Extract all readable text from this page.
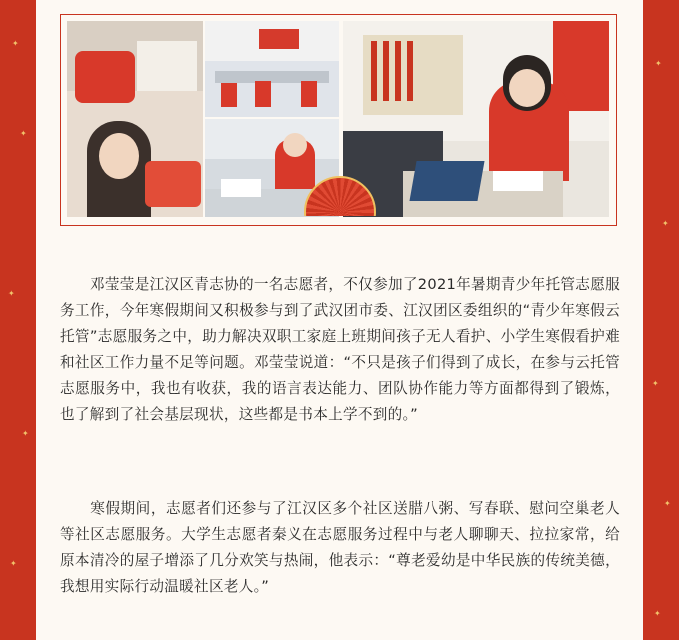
✦
✦
✦
✦
✦
✦
✦
✦
✦
✦
邓莹莹是江汉区青志协的一名志愿者，不仅参加了2021年暑期青少年托管志愿服务工作，今年寒假期间又积极参与到了武汉团市委、江汉团区委组织的“青少年寒假云托管”志愿服务之中，助力解决双职工家庭上班期间孩子无人看护、小学生寒假看护难和社区工作力量不足等问题。邓莹莹说道：“不只是孩子们得到了成长，在参与云托管志愿服务中，我也有收获，我的语言表达能力、团队协作能力等方面都得到了锻炼，也了解到了社会基层现状，这些都是书本上学不到的。”
寒假期间，志愿者们还参与了江汉区多个社区送腊八粥、写春联、慰问空巢老人等社区志愿服务。大学生志愿者秦义在志愿服务过程中与老人聊聊天、拉拉家常，给原本清冷的屋子增添了几分欢笑与热闹，他表示：“尊老爱幼是中华民族的传统美德，我想用实际行动温暖社区老人。”
